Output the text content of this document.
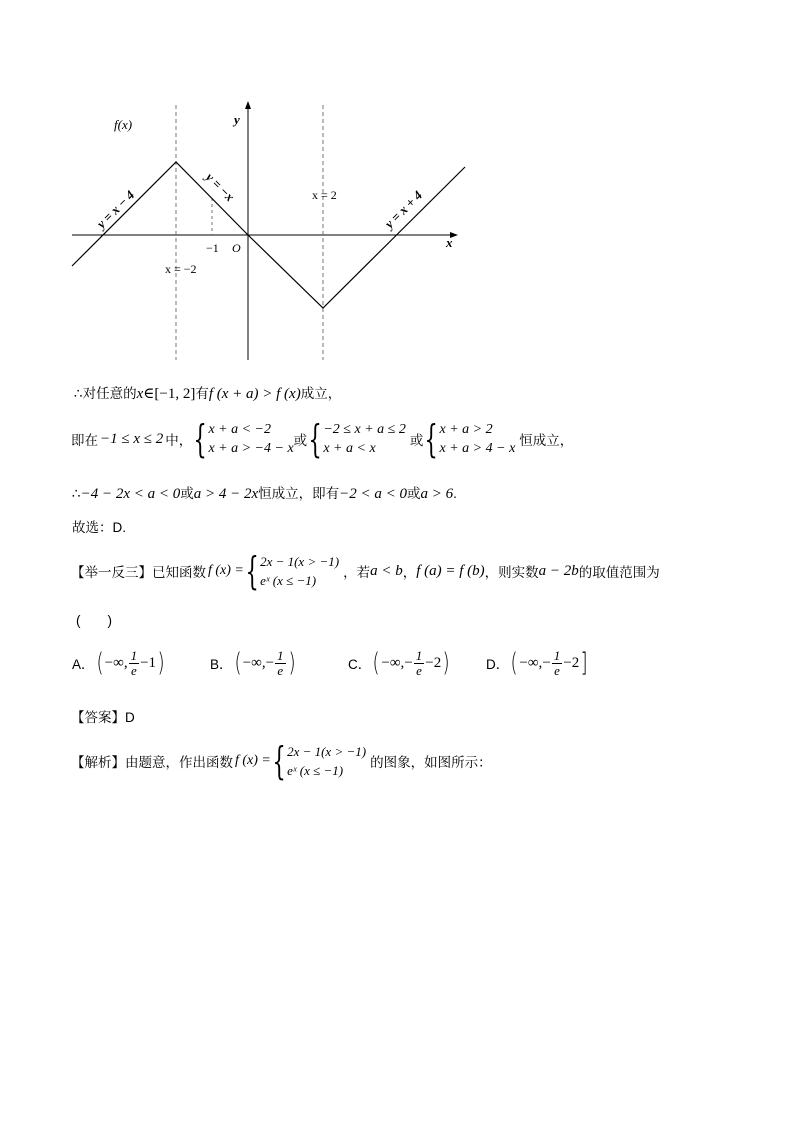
f(x)	y
x
O
−1
x = −2
x = 2
y = x − 4
y = −x
y = x + 4
∴对任意的x∈[−1, 2]有f (x + a) > f (x)成立，
即在 −1 ≤ x ≤ 2 中， { x + a < −2
x + a > −4 − x
或 { −2 ≤ x + a ≤ 2
x + a < x
或 { x + a > 2
x + a > 4 − x
恒成立，
∴−4 − 2x < a < 0或a > 4 − 2x恒成立，即有−2 < a < 0或a > 6.
故选：D.
【举一反三】 已知函数 f (x) = { 2x − 1(x > −1)
eˣ (x ≤ −1)
，若 a < b ， f (a) = f (b) ，则实数 a − 2b 的取值范围为
(　　)
A． ( −∞, $\frac{1}{e} -1$ )	B． ( −∞, − $\frac{1}{e}$ )	C． ( −∞, − $\frac{1}{e} -2$ )	D． ( −∞, − $\frac{1}{e} -2$ ]
【答案】D
【解析】 由题意，作出函数 f (x) = { 2x − 1(x > −1)
eˣ (x ≤ −1)
的图象，如图所示：
